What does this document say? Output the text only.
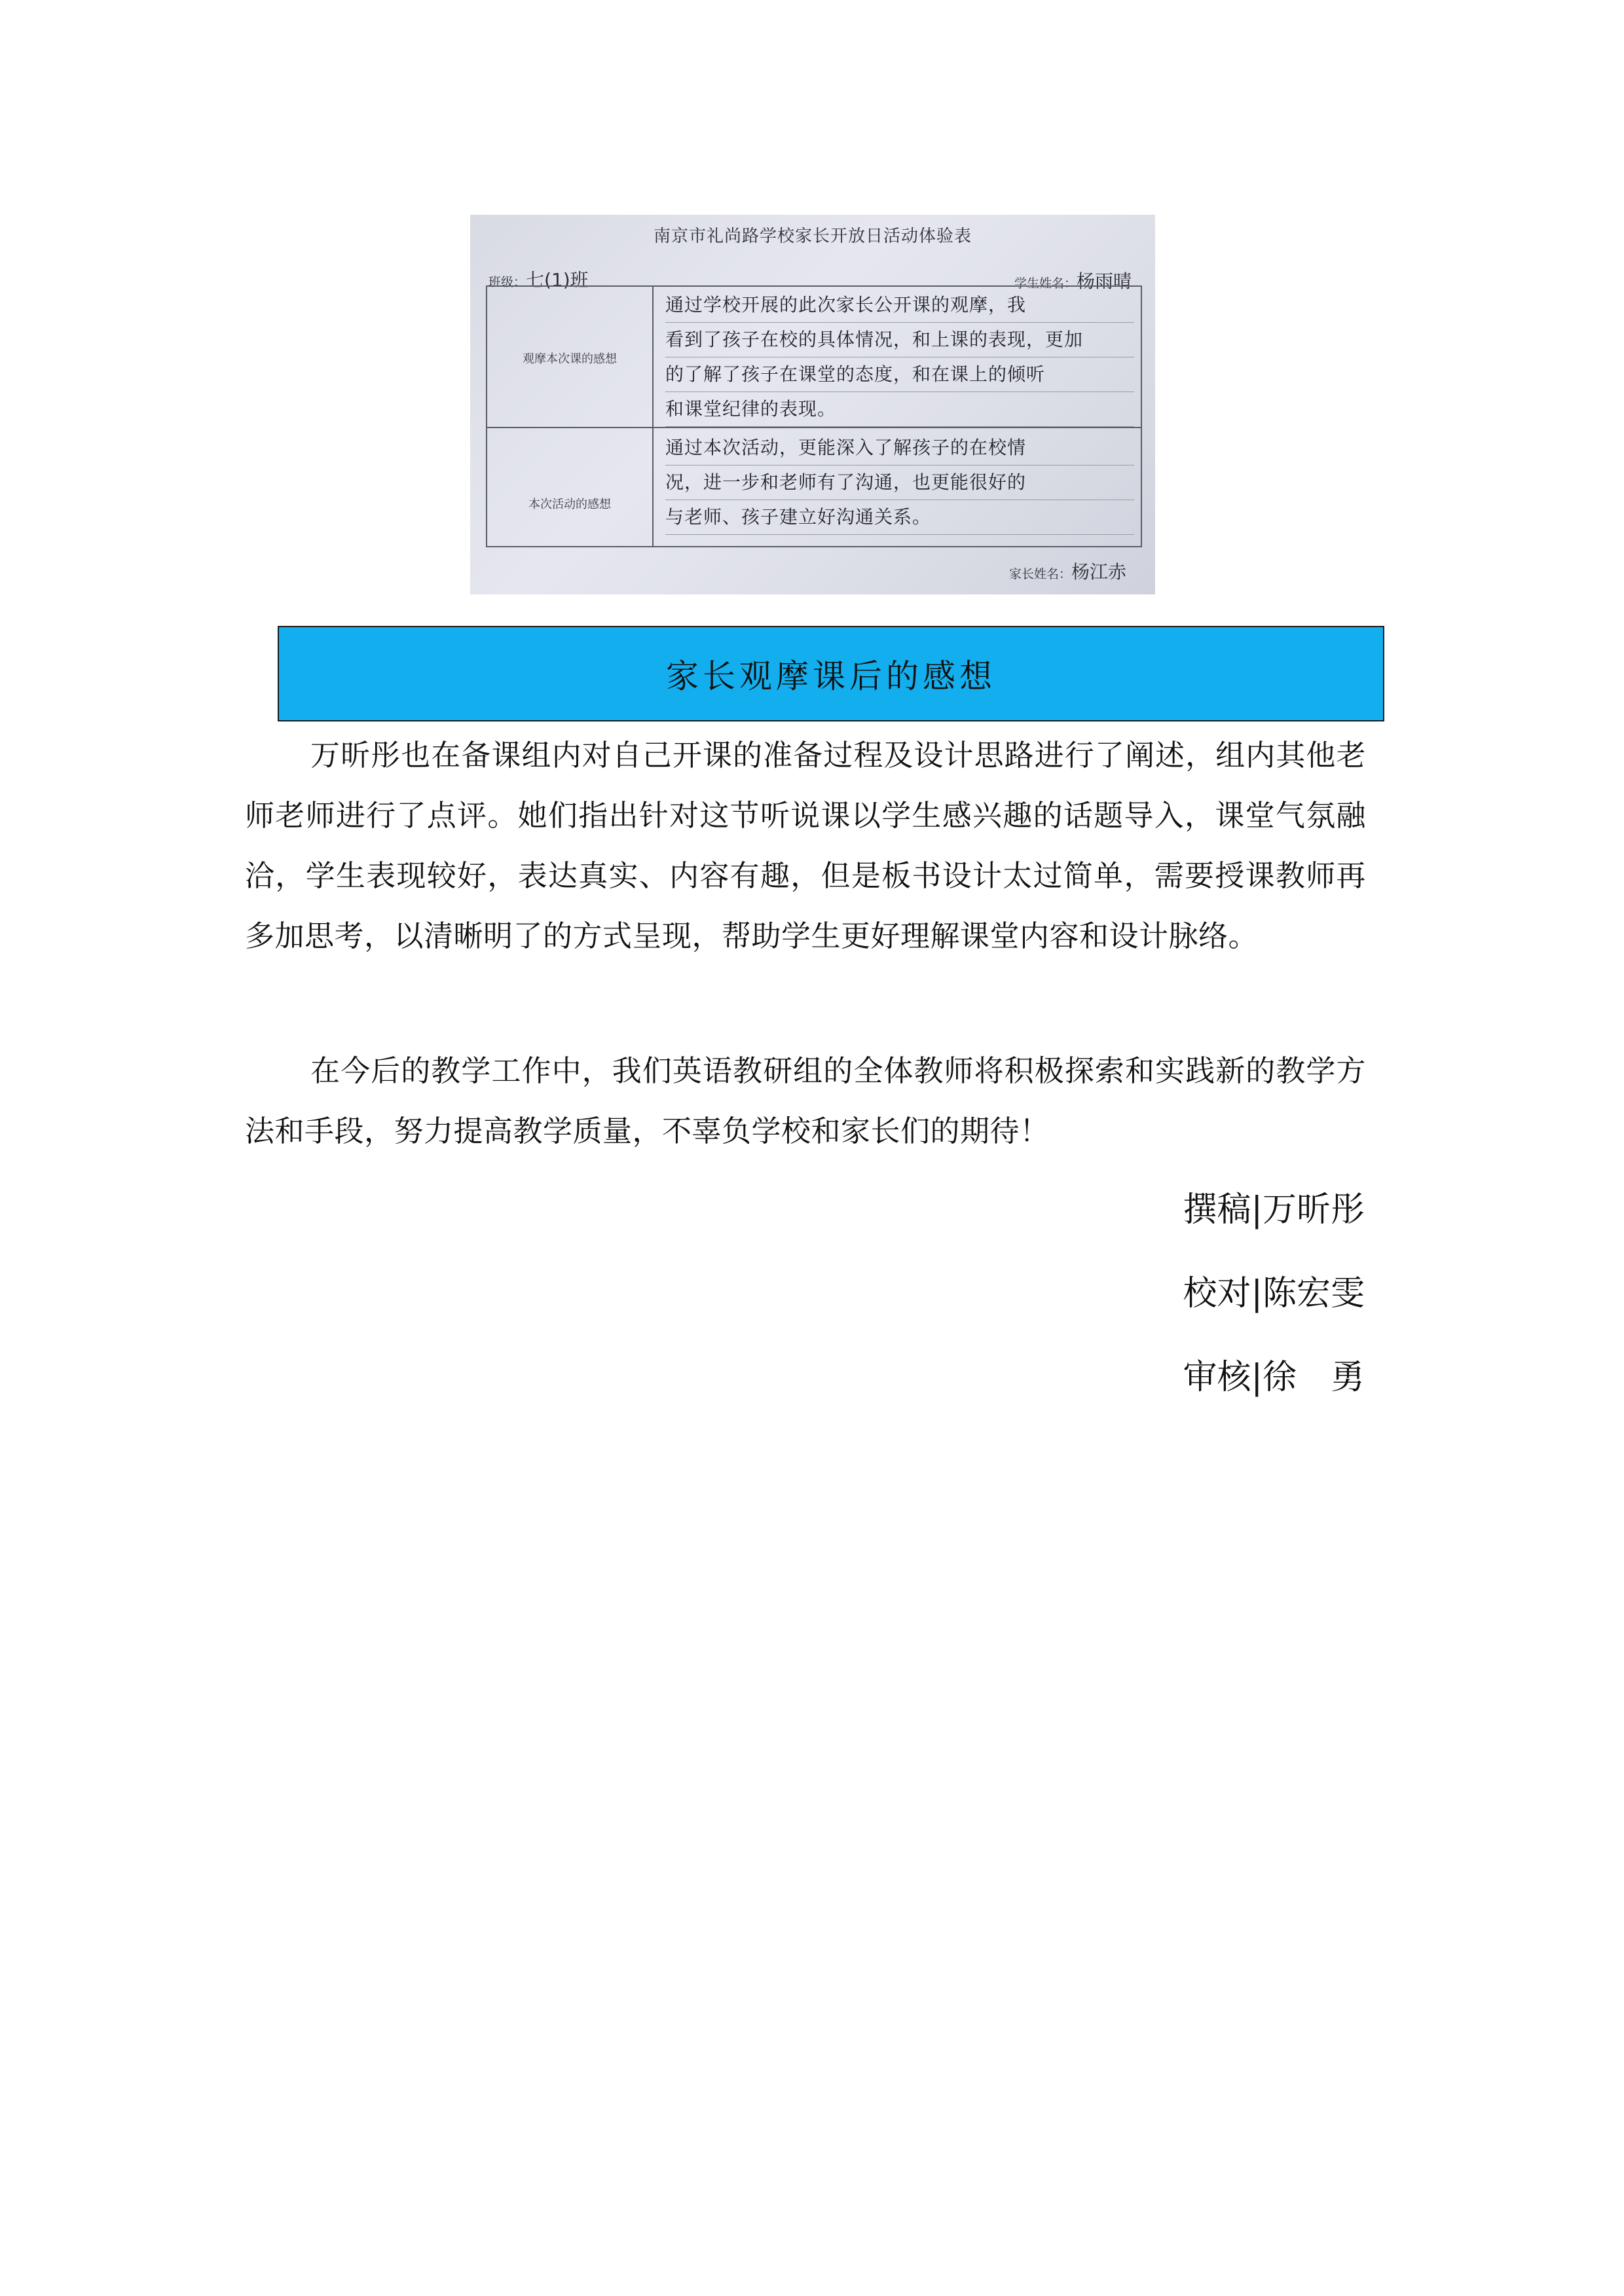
南京市礼尚路学校家长开放日活动体验表
班级：七(1)班	学生姓名：杨雨晴
观摩本次课的感想
本次活动的感想
通过学校开展的此次家长公开课的观摩，我
看到了孩子在校的具体情况，和上课的表现，更加
的了解了孩子在课堂的态度，和在课上的倾听
和课堂纪律的表现。
通过本次活动，更能深入了解孩子的在校情
况，进一步和老师有了沟通，也更能很好的
与老师、孩子建立好沟通关系。
家长姓名：杨江赤
家长观摩课后的感想

万昕彤也在备课组内对自己开课的准备过程及设计思路进行了阐述，组内其他老师老师进行了点评。她们指出针对这节听说课以学生感兴趣的话题导入，课堂气氛融洽，学生表现较好，表达真实、内容有趣，但是板书设计太过简单，需要授课教师再多加思考，以清晰明了的方式呈现，帮助学生更好理解课堂内容和设计脉络。

在今后的教学工作中，我们英语教研组的全体教师将积极探索和实践新的教学方法和手段，努力提高教学质量，不辜负学校和家长们的期待！

撰稿|万昕彤
校对|陈宏雯
审核|徐　勇
